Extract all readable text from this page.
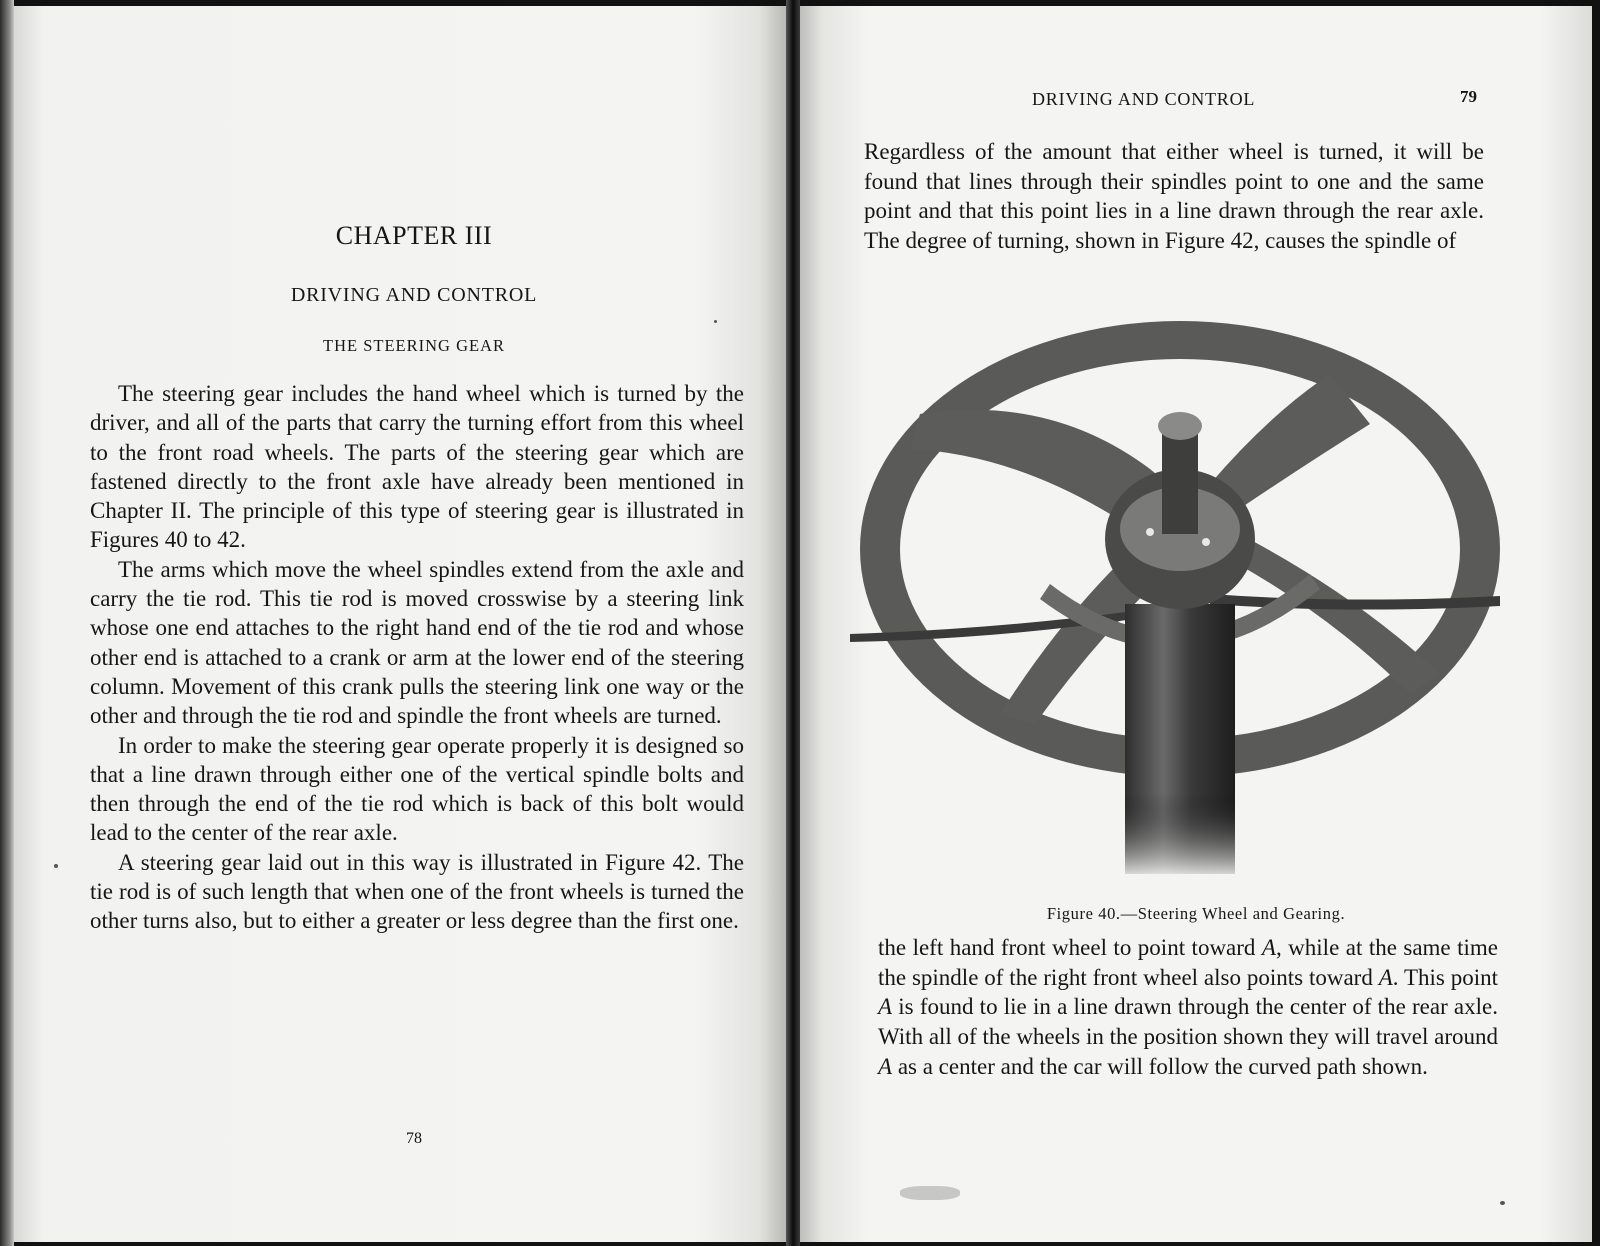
CHAPTER III
DRIVING AND CONTROL
THE STEERING GEAR

The steering gear includes the hand wheel which is turned by the driver, and all of the parts that carry the turning effort from this wheel to the front road wheels. The parts of the steering gear which are fastened directly to the front axle have already been mentioned in Chapter II. The principle of this type of steering gear is illustrated in Figures 40 to 42.

The arms which move the wheel spindles extend from the axle and carry the tie rod. This tie rod is moved crosswise by a steering link whose one end attaches to the right hand end of the tie rod and whose other end is attached to a crank or arm at the lower end of the steering column. Movement of this crank pulls the steering link one way or the other and through the tie rod and spindle the front wheels are turned.

In order to make the steering gear operate properly it is designed so that a line drawn through either one of the vertical spindle bolts and then through the end of the tie rod which is back of this bolt would lead to the center of the rear axle.

A steering gear laid out in this way is illustrated in Figure 42. The tie rod is of such length that when one of the front wheels is turned the other turns also, but to either a greater or less degree than the first one.

78
DRIVING AND CONTROL	79

Regardless of the amount that either wheel is turned, it will be found that lines through their spindles point to one and the same point and that this point lies in a line drawn through the rear axle. The degree of turning, shown in Figure 42, causes the spindle of

Figure 40.—Steering Wheel and Gearing.

the left hand front wheel to point toward A, while at the same time the spindle of the right front wheel also points toward A. This point A is found to lie in a line drawn through the center of the rear axle. With all of the wheels in the position shown they will travel around A as a center and the car will follow the curved path shown.
